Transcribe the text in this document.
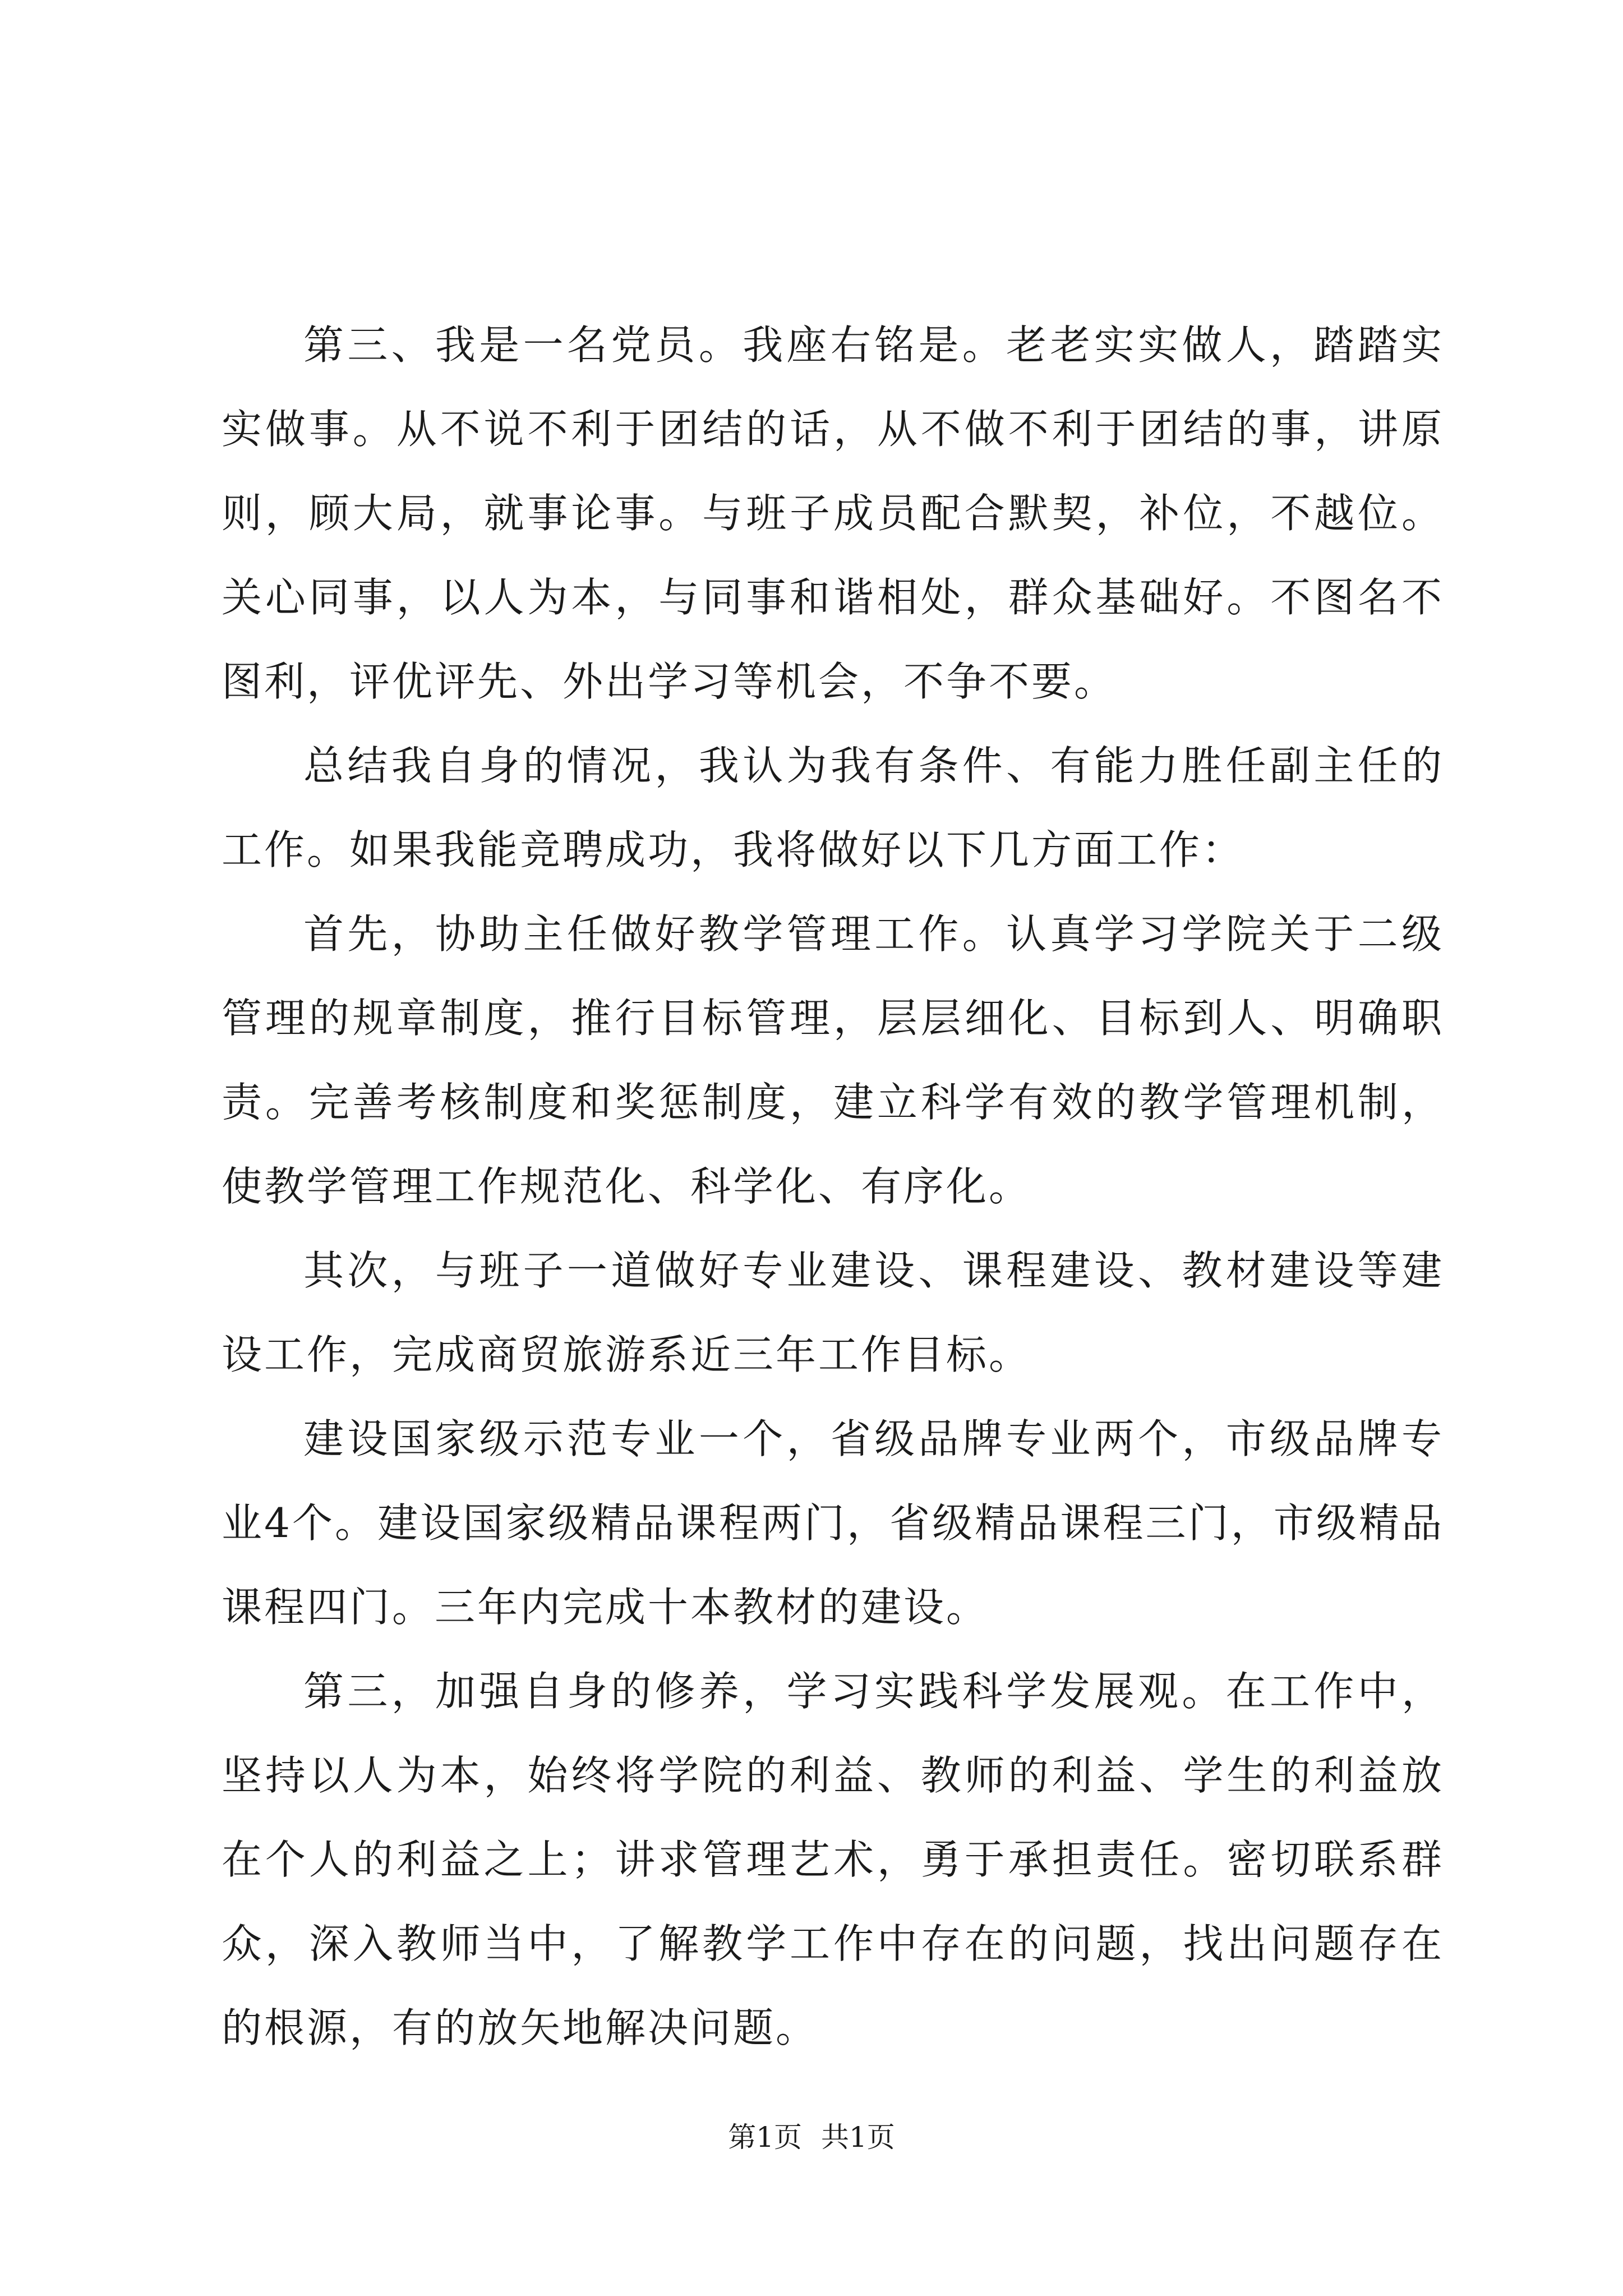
第三、我是一名党员。我座右铭是。老老实实做人，踏踏实实做事。从不说不利于团结的话，从不做不利于团结的事，讲原则，顾大局，就事论事。与班子成员配合默契，补位，不越位。关心同事，以人为本，与同事和谐相处，群众基础好。不图名不图利，评优评先、外出学习等机会，不争不要。

总结我自身的情况，我认为我有条件、有能力胜任副主任的工作。如果我能竞聘成功，我将做好以下几方面工作：

首先，协助主任做好教学管理工作。认真学习学院关于二级管理的规章制度，推行目标管理，层层细化、目标到人、明确职责。完善考核制度和奖惩制度，建立科学有效的教学管理机制，使教学管理工作规范化、科学化、有序化。

其次，与班子一道做好专业建设、课程建设、教材建设等建设工作，完成商贸旅游系近三年工作目标。

建设国家级示范专业一个，省级品牌专业两个，市级品牌专业4个。建设国家级精品课程两门，省级精品课程三门，市级精品课程四门。三年内完成十本教材的建设。

第三，加强自身的修养，学习实践科学发展观。在工作中，坚持以人为本，始终将学院的利益、教师的利益、学生的利益放在个人的利益之上；讲求管理艺术，勇于承担责任。密切联系群众，深入教师当中，了解教学工作中存在的问题，找出问题存在的根源，有的放矢地解决问题。

第1页 共1页
